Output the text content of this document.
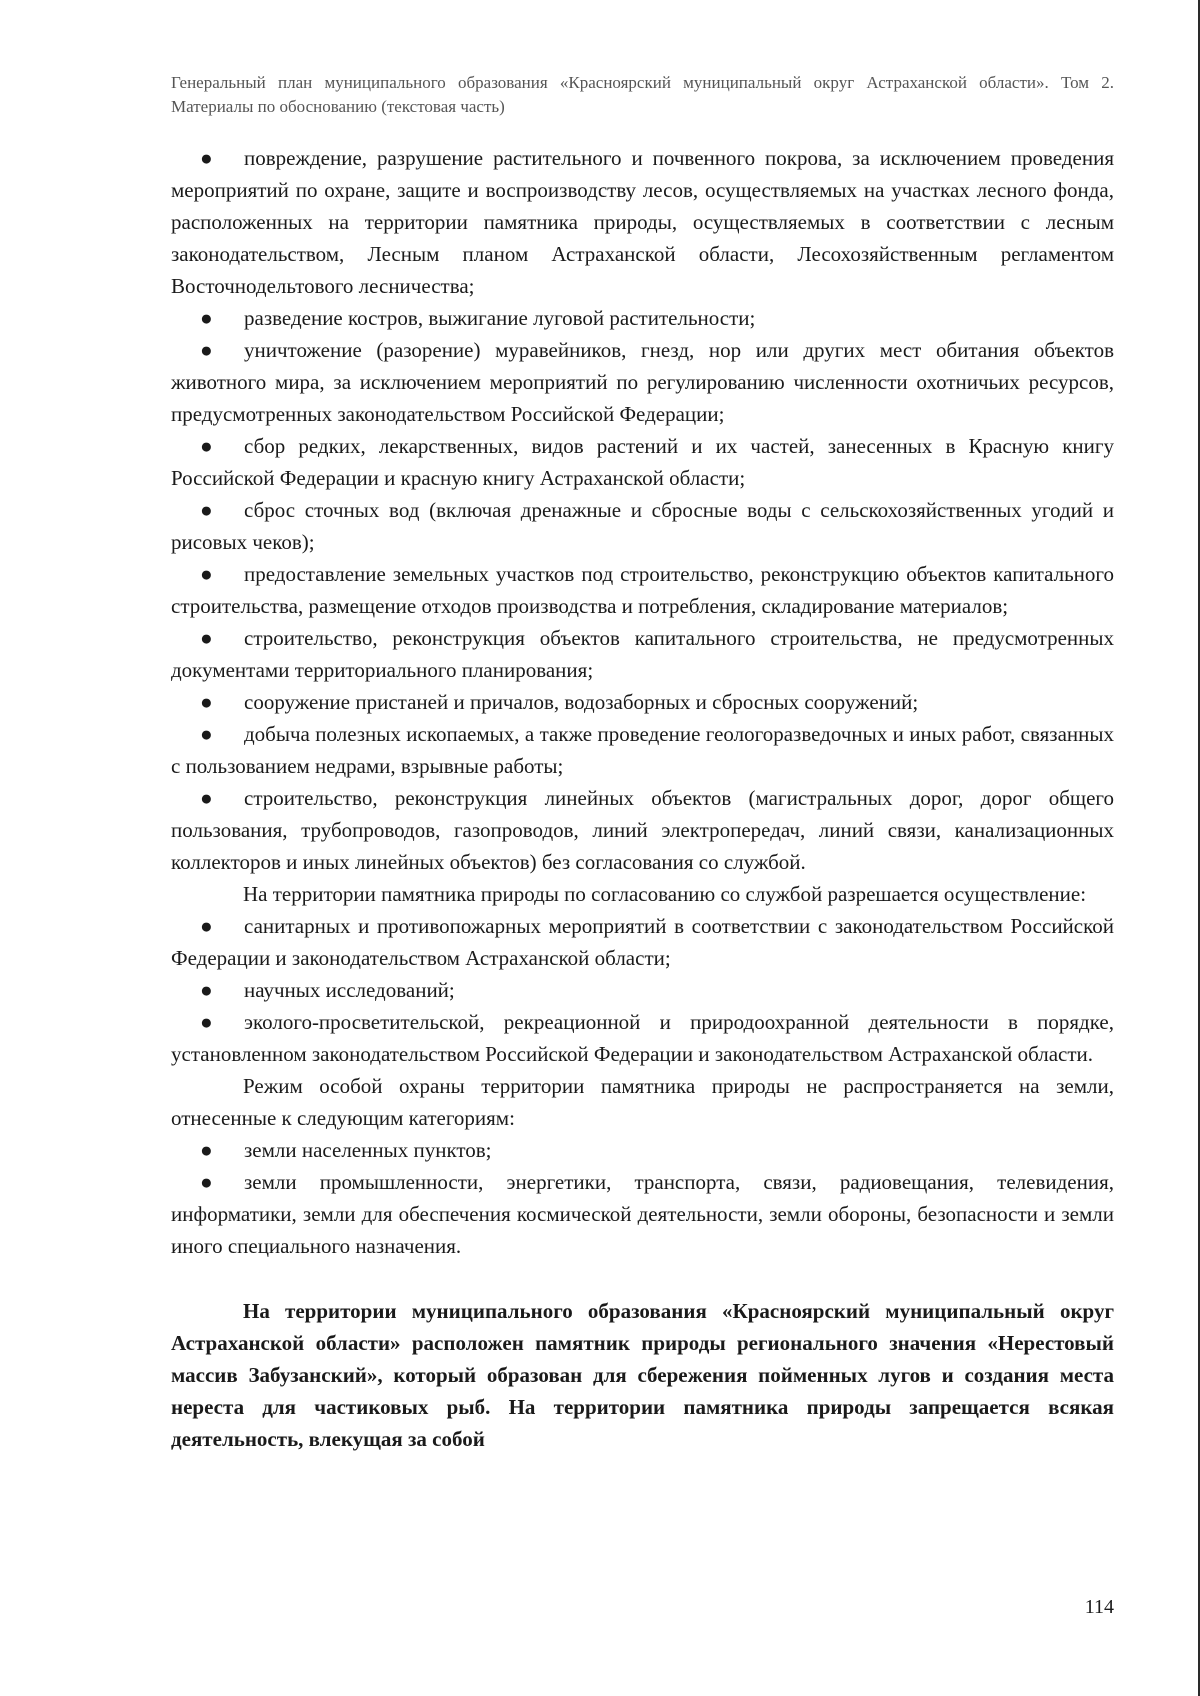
Генеральный план муниципального образования «Красноярский муниципальный округ Астраханской области». Том 2. Материалы по обоснованию (текстовая часть)

● повреждение, разрушение растительного и почвенного покрова, за исключением проведения мероприятий по охране, защите и воспроизводству лесов, осуществляемых на участках лесного фонда, расположенных на территории памятника природы, осуществляемых в соответствии с лесным законодательством, Лесным планом Астраханской области, Лесохозяйственным регламентом Восточнодельтового лесничества;

● разведение костров, выжигание луговой растительности;

● уничтожение (разорение) муравейников, гнезд, нор или других мест обитания объектов животного мира, за исключением мероприятий по регулированию численности охотничьих ресурсов, предусмотренных законодательством Российской Федерации;

● сбор редких, лекарственных, видов растений и их частей, занесенных в Красную книгу Российской Федерации и красную книгу Астраханской области;

● сброс сточных вод (включая дренажные и сбросные воды с сельскохозяйственных угодий и рисовых чеков);

● предоставление земельных участков под строительство, реконструкцию объектов капитального строительства, размещение отходов производства и потребления, складирование материалов;

● строительство, реконструкция объектов капитального строительства, не предусмотренных документами территориального планирования;

● сооружение пристаней и причалов, водозаборных и сбросных сооружений;

● добыча полезных ископаемых, а также проведение геологоразведочных и иных работ, связанных с пользованием недрами, взрывные работы;

● строительство, реконструкция линейных объектов (магистральных дорог, дорог общего пользования, трубопроводов, газопроводов, линий электропередач, линий связи, канализационных коллекторов и иных линейных объектов) без согласования со службой.

На территории памятника природы по согласованию со службой разрешается осуществление:

● санитарных и противопожарных мероприятий в соответствии с законодательством Российской Федерации и законодательством Астраханской области;

● научных исследований;

● эколого-просветительской, рекреационной и природоохранной деятельности в порядке, установленном законодательством Российской Федерации и законодательством Астраханской области.

Режим особой охраны территории памятника природы не распространяется на земли, отнесенные к следующим категориям:

● земли населенных пунктов;

● земли промышленности, энергетики, транспорта, связи, радиовещания, телевидения, информатики, земли для обеспечения космической деятельности, земли обороны, безопасности и земли иного специального назначения.

На территории муниципального образования «Красноярский муниципальный округ Астраханской области» расположен памятник природы регионального значения «Нерестовый массив Забузанский», который образован для сбережения пойменных лугов и создания места нереста для частиковых рыб. На территории памятника природы запрещается всякая деятельность, влекущая за собой

114
